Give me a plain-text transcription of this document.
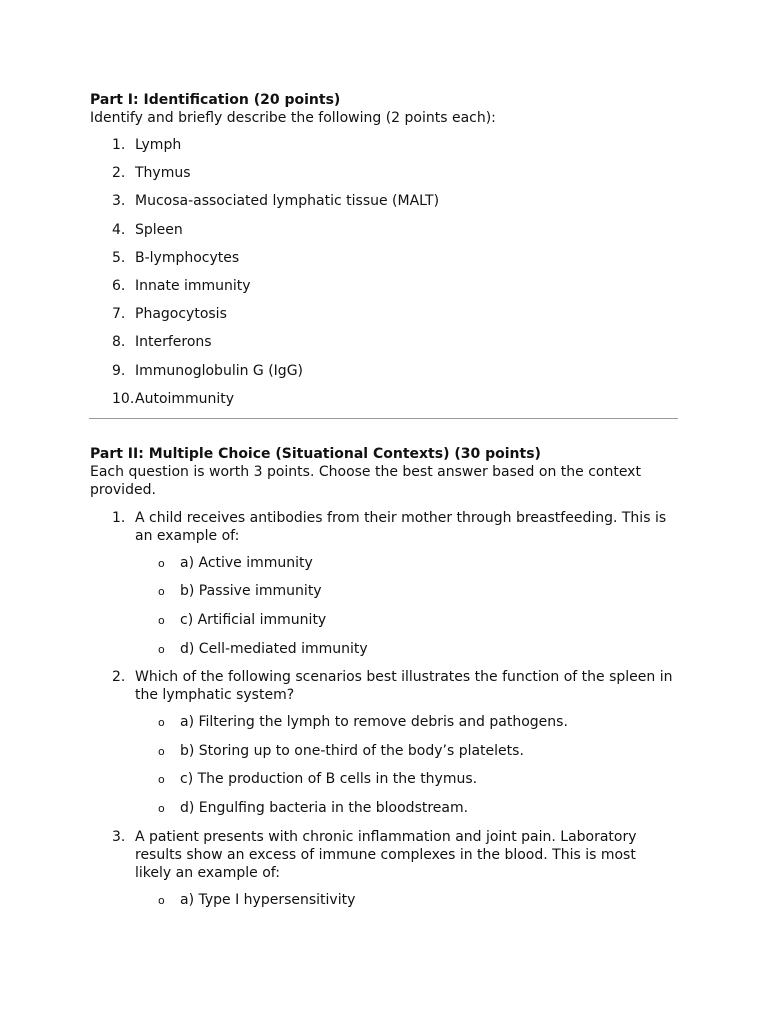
Part I: Identification (20 points)

Identify and briefly describe the following (2 points each):

1. Lymph
2. Thymus
3. Mucosa-associated lymphatic tissue (MALT)
4. Spleen
5. B-lymphocytes
6. Innate immunity
7. Phagocytosis
8. Interferons
9. Immunoglobulin G (IgG)
10. Autoimmunity

Part II: Multiple Choice (Situational Contexts) (30 points)

Each question is worth 3 points. Choose the best answer based on the context provided.

1. A child receives antibodies from their mother through breastfeeding. This is an example of:
o a) Active immunity
o b) Passive immunity
o c) Artificial immunity
o d) Cell-mediated immunity
2. Which of the following scenarios best illustrates the function of the spleen in the lymphatic system?
o a) Filtering the lymph to remove debris and pathogens.
o b) Storing up to one-third of the body’s platelets.
o c) The production of B cells in the thymus.
o d) Engulfing bacteria in the bloodstream.
3. A patient presents with chronic inflammation and joint pain. Laboratory results show an excess of immune complexes in the blood. This is most likely an example of:
o a) Type I hypersensitivity
